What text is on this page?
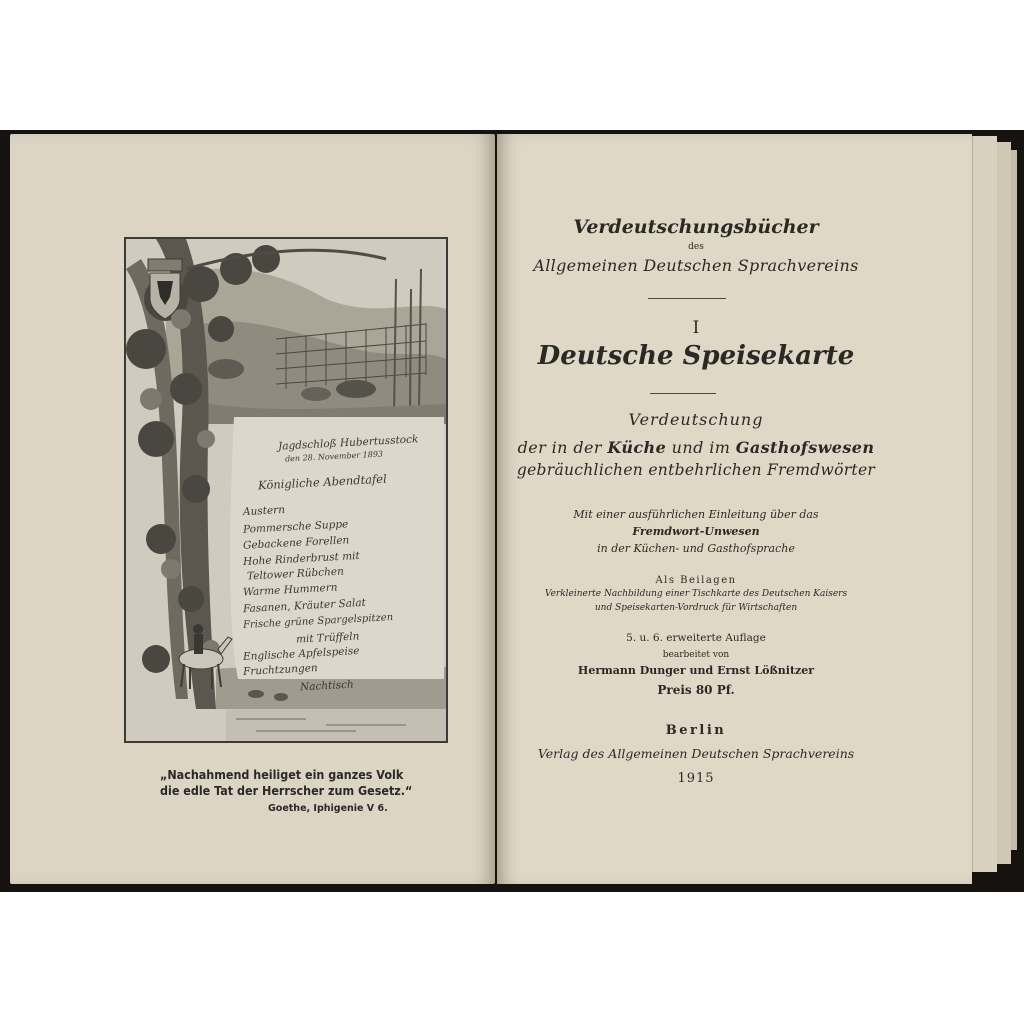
Jagdschloß Hubertusstock
den 28. November 1893
Königliche Abendtafel
Austern
Pommersche Suppe
Gebackene Forellen
Hohe Rinderbrust mit
Teltower Rübchen
Warme Hummern
Fasanen, Kräuter Salat
Frische grüne Spargelspitzen
mit Trüffeln
Englische Apfelspeise
Fruchtzungen
Nachtisch
„Nachahmend heiliget ein ganzes Volk
die edle Tat der Herrscher zum Gesetz.“
Goethe, Iphigenie V 6.
Verdeutschungsbücher
des
Allgemeinen Deutschen Sprachvereins
I
Deutsche Speisekarte
Verdeutschung
der in der Küche und im Gasthofswesen
gebräuchlichen entbehrlichen Fremdwörter
Mit einer ausführlichen Einleitung über das
Fremdwort-Unwesen
in der Küchen- und Gasthofsprache
Als Beilagen
Verkleinerte Nachbildung einer Tischkarte des Deutschen Kaisers
und Speisekarten-Vordruck für Wirtschaften
5. u. 6. erweiterte Auflage
bearbeitet von
Hermann Dunger und Ernst Lößnitzer
Preis 80 Pf.
Berlin
Verlag des Allgemeinen Deutschen Sprachvereins
1915
